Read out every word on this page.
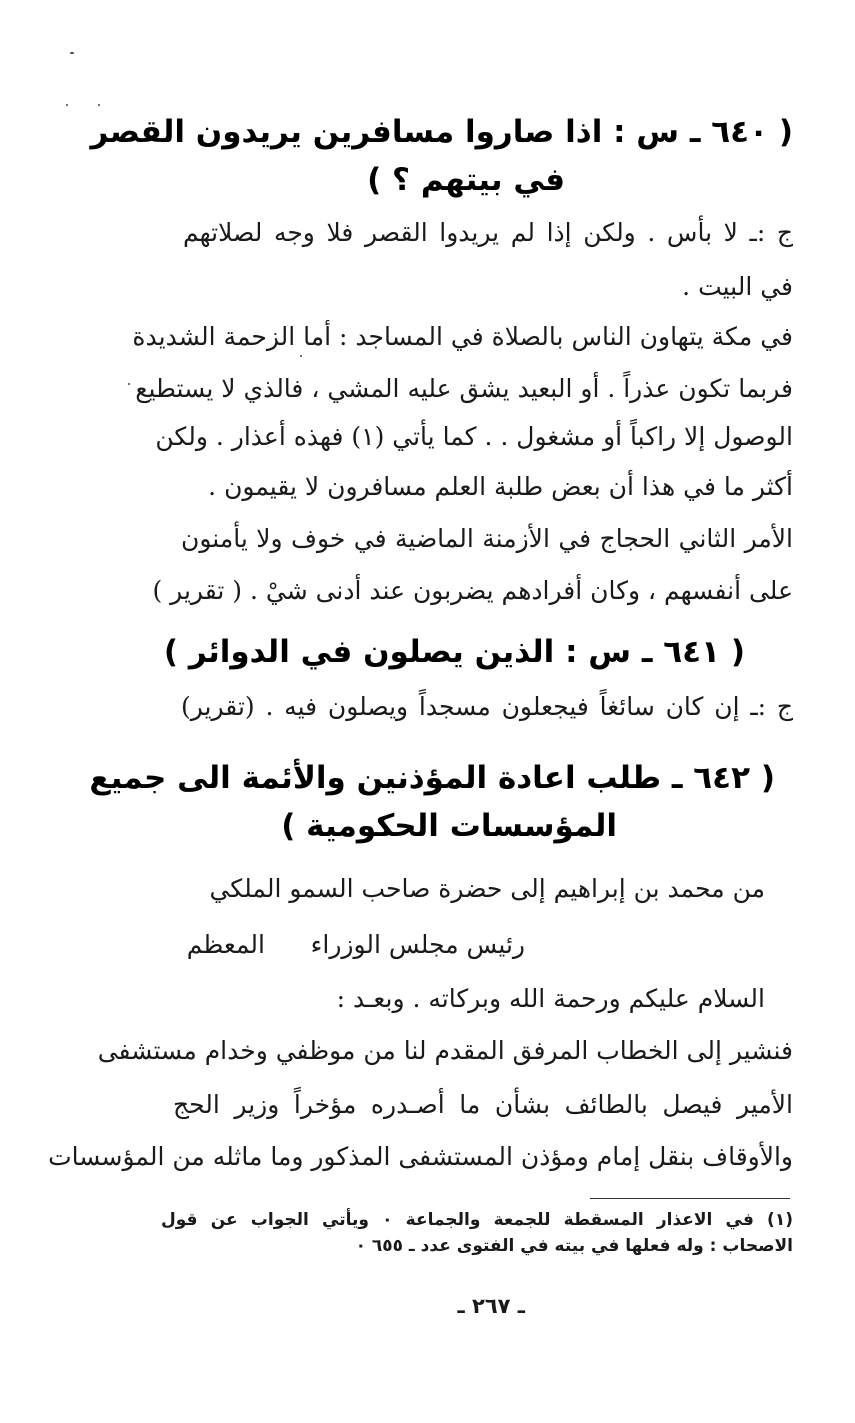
( ٦٤٠ ـ س : اذا صاروا مسافرين يريدون القصر
في بيتهم ؟ )
ج :ـ لا بأس . ولكن إذا لم يريدوا القصر فلا وجه لصلاتهم
في البيت .
في مكة يتهاون الناس بالصلاة في المساجد : أما الزحمة الشديدة
فربما تكون عذراً . أو البعيد يشق عليه المشي ، فالذي لا يستطيع
الوصول إلا راكباً أو مشغول . . كما يأتي (١) فهذه أعذار . ولكن
أكثر ما في هذا أن بعض طلبة العلم مسافرون لا يقيمون .
الأمر الثاني الحجاج في الأزمنة الماضية في خوف ولا يأمنون
على أنفسهم ، وكان أفرادهم يضربون عند أدنى شيْ . ( تقرير )
( ٦٤١ ـ س : الذين يصلون في الدوائر )
ج :ـ إن كان سائغاً فيجعلون مسجداً ويصلون فيه . (تقرير)
( ٦٤٢ ـ طلب اعادة المؤذنين والأئمة الى جميع
المؤسسات الحكومية )
من محمد بن إبراهيم إلى حضرة صاحب السمو الملكي
رئيس مجلس الوزراء
المعظم
السلام عليكم ورحمة الله وبركاته . وبعـد :
فنشير إلى الخطاب المرفق المقدم لنا من موظفي وخدام مستشفى
الأمير فيصل بالطائف بشأن ما أصـدره مؤخراً وزير الحج
والأوقاف بنقل إمام ومؤذن المستشفى المذكور وما ماثله من المؤسسات
(١) في الاعذار المسقطة للجمعة والجماعة ٠ ويأتي الجواب عن قول
الاصحاب : وله فعلها في بيته في الفتوى عدد ـ ٦٥٥ ٠
ـ ٢٦٧ ـ
